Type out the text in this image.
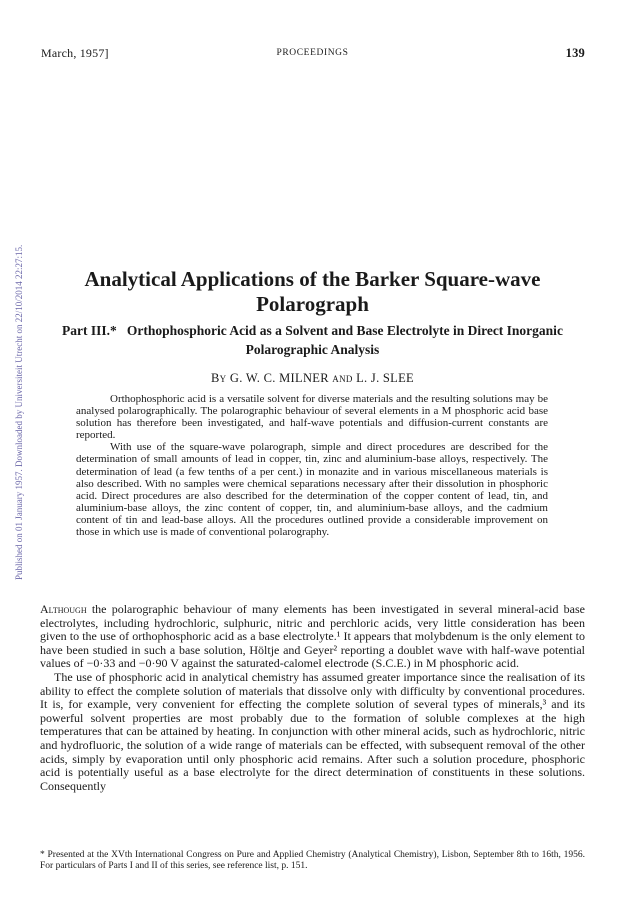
March, 1957]	PROCEEDINGS	139
Published on 01 January 1957. Downloaded by Universiteit Utrecht on 22/10/2014 22:27:15.	Analytical Applications of the Barker Square-wave Polarograph
Part III.* Orthophosphoric Acid as a Solvent and Base Electrolyte in Direct Inorganic Polarographic Analysis
By G. W. C. MILNER and L. J. SLEE

Orthophosphoric acid is a versatile solvent for diverse materials and the resulting solutions may be analysed polarographically. The polarographic behaviour of several elements in a M phosphoric acid base solution has therefore been investigated, and half-wave potentials and diffusion-current constants are reported.

With use of the square-wave polarograph, simple and direct procedures are described for the determination of small amounts of lead in copper, tin, zinc and aluminium-base alloys, respectively. The determination of lead (a few tenths of a per cent.) in monazite and in various miscellaneous materials is also described. With no samples were chemical separations necessary after their dissolution in phosphoric acid. Direct procedures are also described for the determination of the copper content of lead, tin, and aluminium-base alloys, the zinc content of copper, tin, and aluminium-base alloys, and the cadmium content of tin and lead-base alloys. All the procedures outlined provide a considerable improvement on those in which use is made of conventional polarography.

Although the polarographic behaviour of many elements has been investigated in several mineral-acid base electrolytes, including hydrochloric, sulphuric, nitric and perchloric acids, very little consideration has been given to the use of orthophosphoric acid as a base electrolyte.¹ It appears that molybdenum is the only element to have been studied in such a base solution, Höltje and Geyer² reporting a doublet wave with half-wave potential values of −0·33 and −0·90 V against the saturated-calomel electrode (S.C.E.) in M phosphoric acid.

The use of phosphoric acid in analytical chemistry has assumed greater importance since the realisation of its ability to effect the complete solution of materials that dissolve only with difficulty by conventional procedures. It is, for example, very convenient for effecting the complete solution of several types of minerals,³ and its powerful solvent properties are most probably due to the formation of soluble complexes at the high temperatures that can be attained by heating. In conjunction with other mineral acids, such as hydrochloric, nitric and hydrofluoric, the solution of a wide range of materials can be effected, with subsequent removal of the other acids, simply by evaporation until only phosphoric acid remains. After such a solution procedure, phosphoric acid is potentially useful as a base electrolyte for the direct determination of constituents in these solutions. Consequently

* Presented at the XVth International Congress on Pure and Applied Chemistry (Analytical Chemistry), Lisbon, September 8th to 16th, 1956. For particulars of Parts I and II of this series, see reference list, p. 151.
